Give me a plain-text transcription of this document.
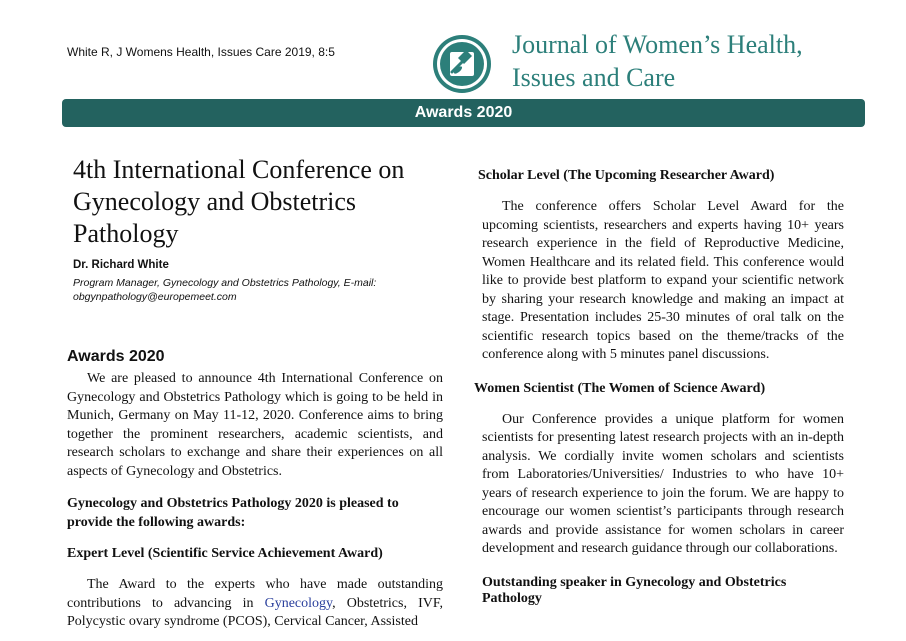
White R, J Womens Health, Issues Care 2019, 8:5	Journal of Women’s Health,
Issues and Care
Awards 2020
4th International Conference on
Gynecology and Obstetrics
Pathology
Dr. Richard White
Program Manager, Gynecology and Obstetrics Pathology, E-mail:
obgynpathology@europemeet.com
Awards 2020

We are pleased to announce 4th International Conference on Gynecology and Obstetrics Pathology which is going to be held in Munich, Germany on May 11-12, 2020. Conference aims to bring together the prominent researchers, academic scientists, and research scholars to exchange and share their experiences on all aspects of Gynecology and Obstetrics.

Gynecology and Obstetrics Pathology 2020 is pleased to provide the following awards:

Expert Level (Scientific Service Achievement Award)

The Award to the experts who have made outstanding contributions to advancing in Gynecology, Obstetrics, IVF, Polycystic ovary syndrome (PCOS), Cervical Cancer, Assisted

Scholar Level (The Upcoming Researcher Award)

The conference offers Scholar Level Award for the upcoming scientists, researchers and experts having 10+ years research experience in the field of Reproductive Medicine, Women Healthcare and its related field. This conference would like to provide best platform to expand your scientific network by sharing your research knowledge and making an impact at stage. Presentation includes 25-30 minutes of oral talk on the scientific research topics based on the theme/tracks of the conference along with 5 minutes panel discussions.

Women Scientist (The Women of Science Award)

Our Conference provides a unique platform for women scientists for presenting latest research projects with an in-depth analysis. We cordially invite women scholars and scientists from Laboratories/Universities/ Industries to who have 10+ years of research experience to join the forum. We are happy to encourage our women scientist’s participants through research awards and provide assistance for women scholars in career development and research guidance through our collaborations.

Outstanding speaker in Gynecology and Obstetrics Pathology
